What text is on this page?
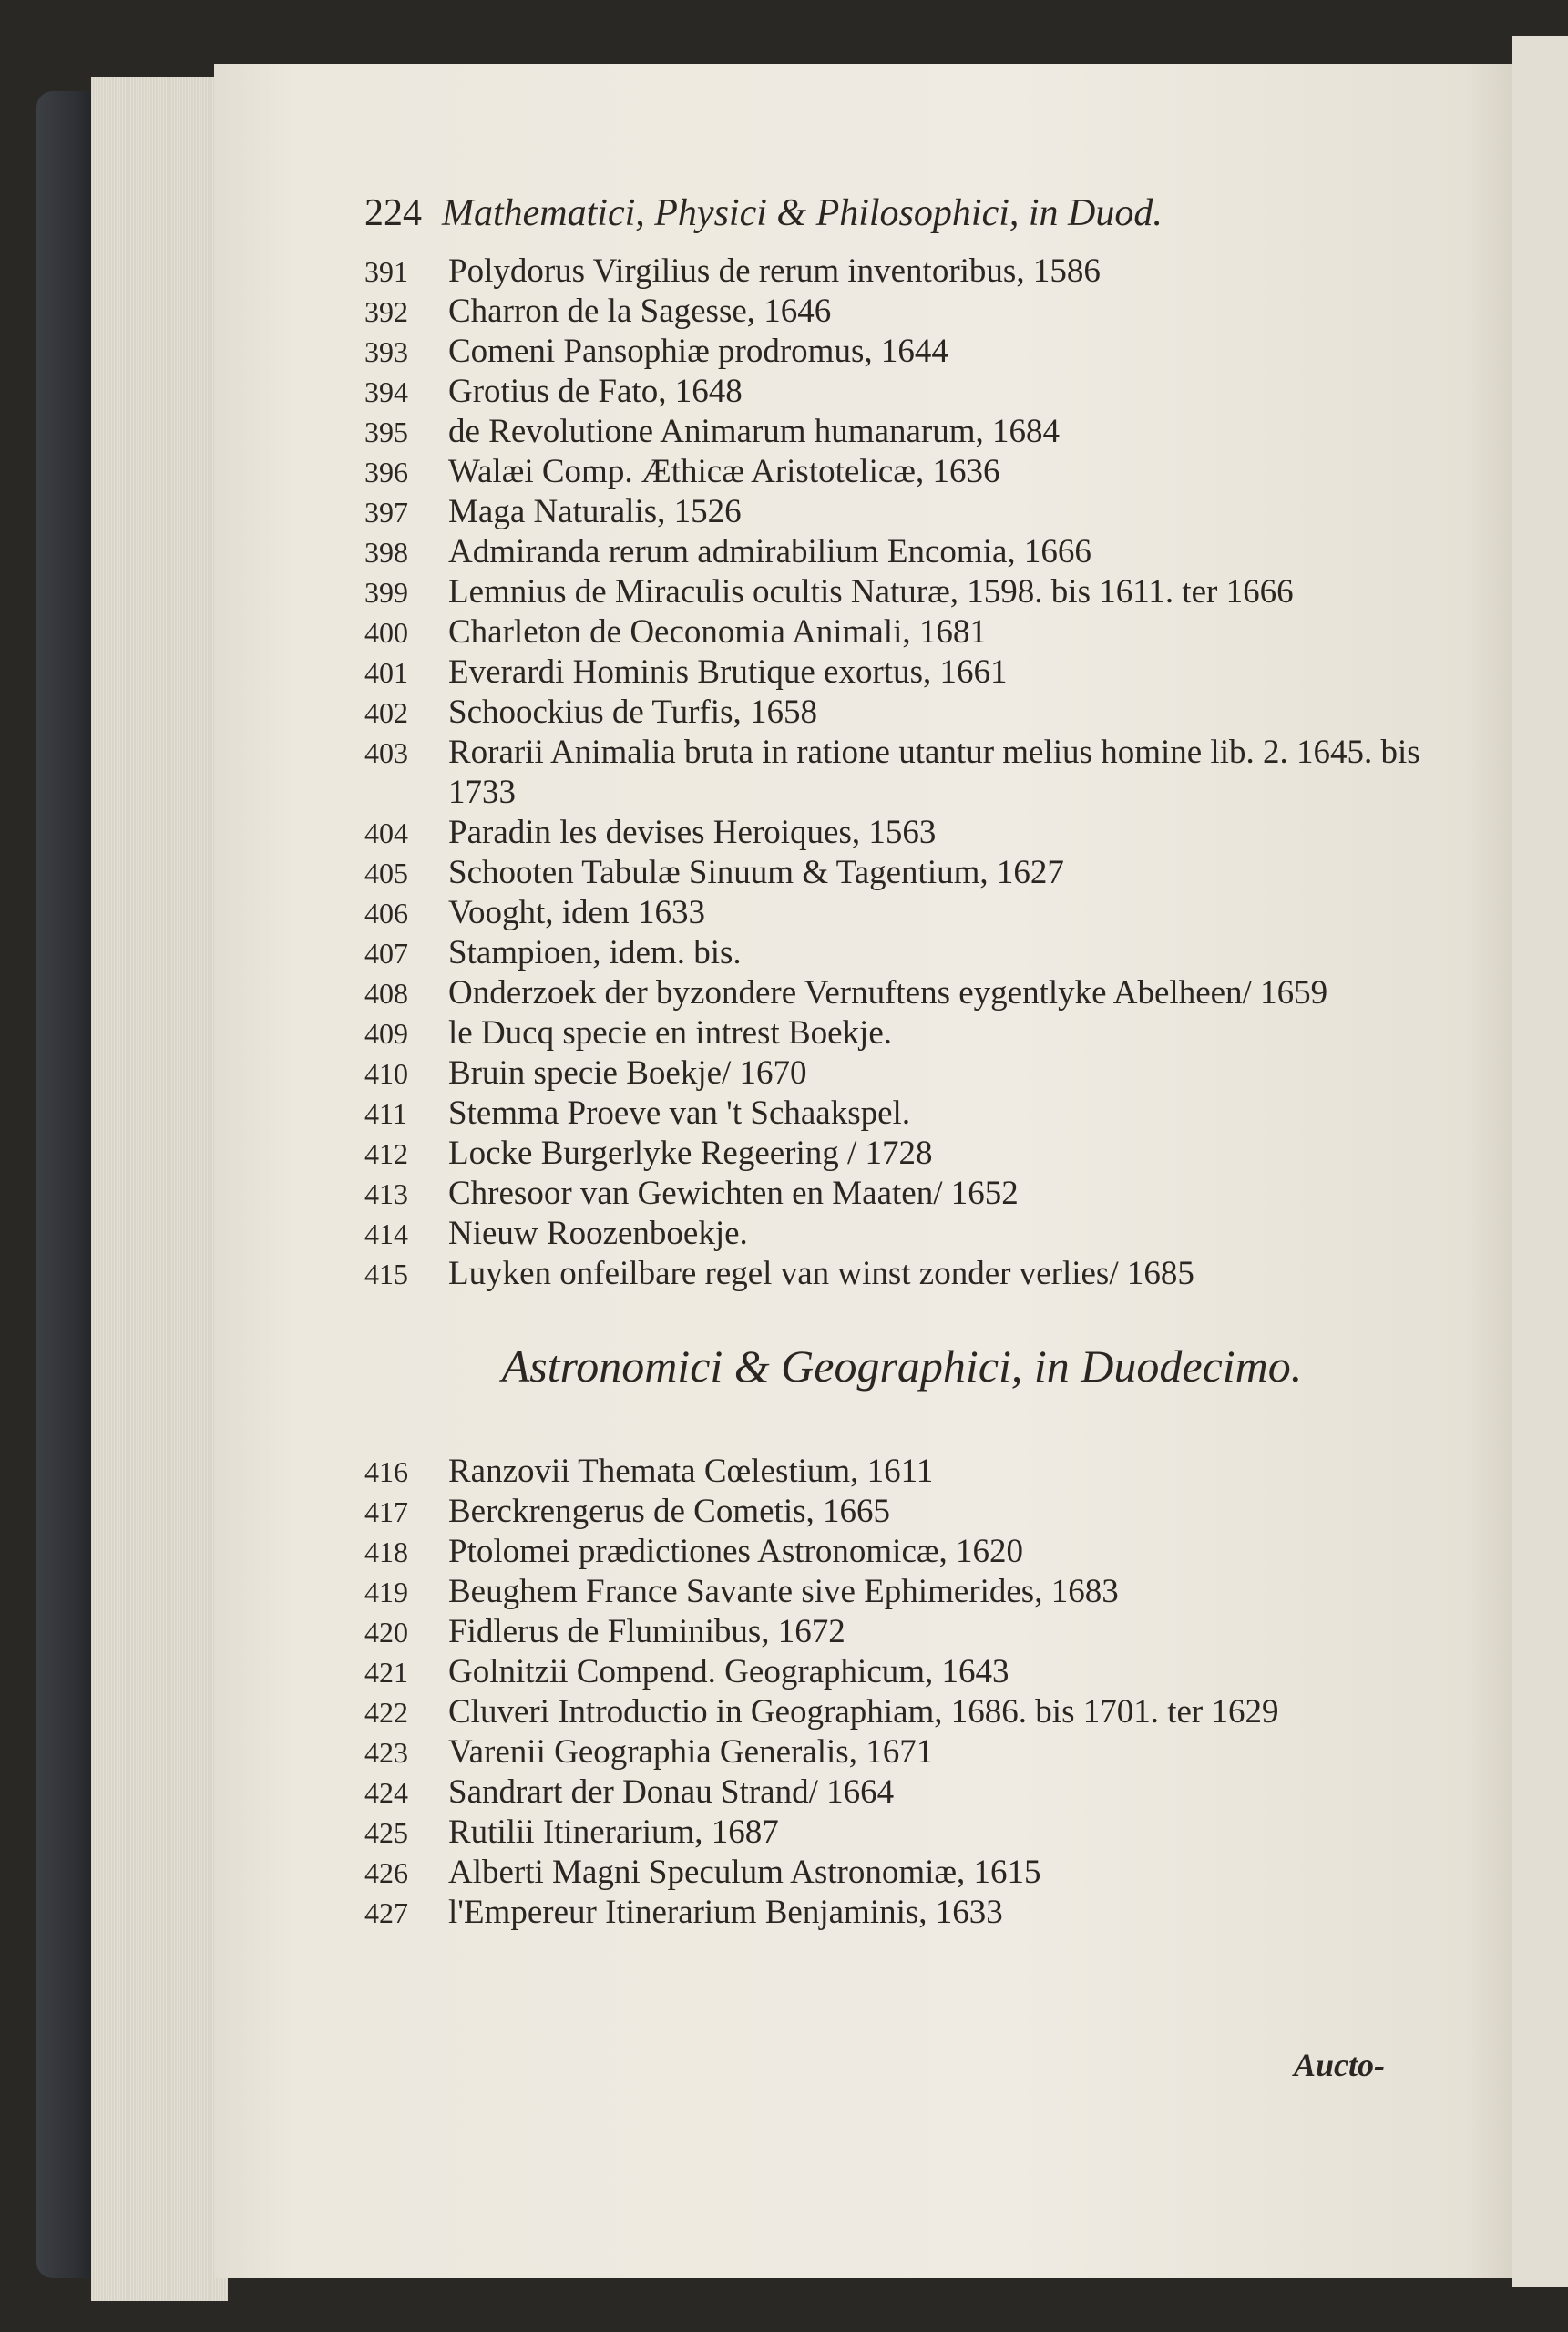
224 Mathematici, Physici & Philosophici, in Duod.
391	Polydorus Virgilius de rerum inventoribus, 1586
392	Charron de la Sagesse, 1646
393	Comeni Pansophiæ prodromus, 1644
394	Grotius de Fato, 1648
395	de Revolutione Animarum humanarum, 1684
396	Walæi Comp. Æthicæ Aristotelicæ, 1636
397	Maga Naturalis, 1526
398	Admiranda rerum admirabilium Encomia, 1666
399	Lemnius de Miraculis ocultis Naturæ, 1598. bis 1611. ter 1666
400	Charleton de Oeconomia Animali, 1681
401	Everardi Hominis Brutique exortus, 1661
402	Schoockius de Turfis, 1658
403	Rorarii Animalia bruta in ratione utantur melius homine lib. 2. 1645. bis 1733
404	Paradin les devises Heroiques, 1563
405	Schooten Tabulæ Sinuum & Tagentium, 1627
406	Vooght, idem 1633
407	Stampioen, idem. bis.
408	Onderzoek der byzondere Vernuftens eygentlyke Abelheen/ 1659
409	le Ducq specie en intrest Boekje.
410	Bruin specie Boekje/ 1670
411	Stemma Proeve van 't Schaakspel.
412	Locke Burgerlyke Regeering / 1728
413	Chresoor van Gewichten en Maaten/ 1652
414	Nieuw Roozenboekje.
415	Luyken onfeilbare regel van winst zonder verlies/ 1685
Astronomici & Geographici, in Duodecimo.
416	Ranzovii Themata Cœlestium, 1611
417	Berckrengerus de Cometis, 1665
418	Ptolomei prædictiones Astronomicæ, 1620
419	Beughem France Savante sive Ephimerides, 1683
420	Fidlerus de Fluminibus, 1672
421	Golnitzii Compend. Geographicum, 1643
422	Cluveri Introductio in Geographiam, 1686. bis 1701. ter 1629
423	Varenii Geographia Generalis, 1671
424	Sandrart der Donau Strand/ 1664
425	Rutilii Itinerarium, 1687
426	Alberti Magni Speculum Astronomiæ, 1615
427	l'Empereur Itinerarium Benjaminis, 1633
Aucto-
